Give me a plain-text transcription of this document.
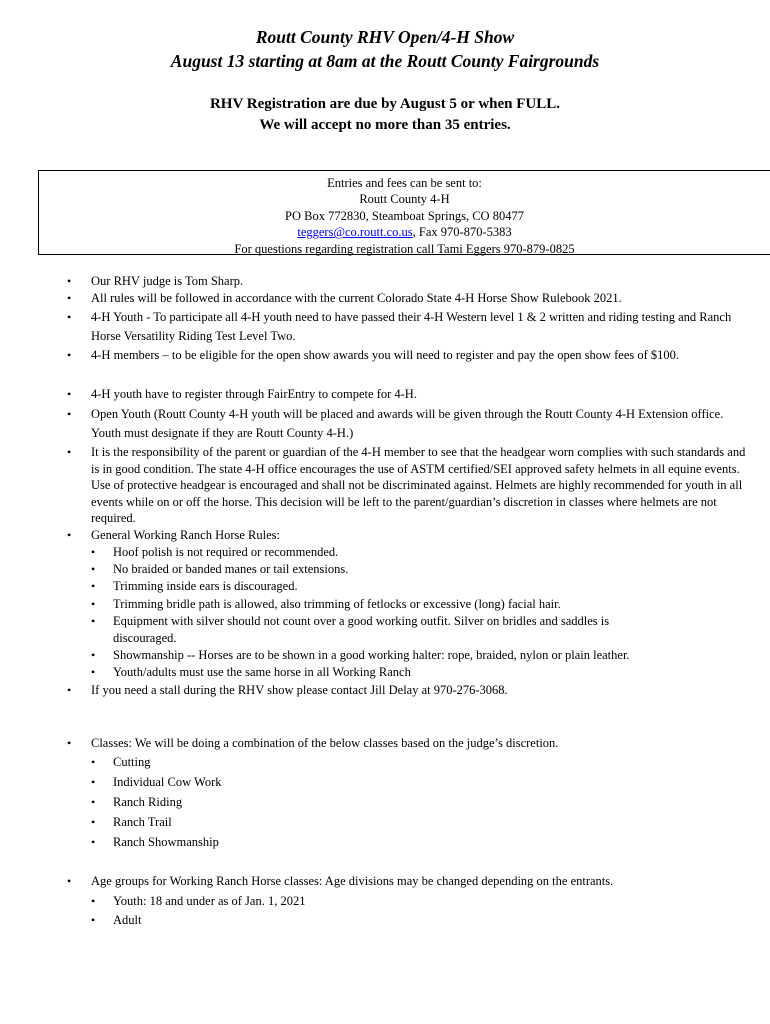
Routt County RHV Open/4-H Show
August 13 starting at 8am at the Routt County Fairgrounds
RHV Registration are due by August 5 or when FULL.
We will accept no more than 35 entries.
Entries and fees can be sent to:
Routt County 4-H
PO Box 772830, Steamboat Springs, CO 80477
teggers@co.routt.co.us, Fax 970-870-5383
For questions regarding registration call Tami Eggers 970-879-0825
• Our RHV judge is Tom Sharp.
• All rules will be followed in accordance with the current Colorado State 4-H Horse Show Rulebook 2021.
• 4-H Youth - To participate all 4-H youth need to have passed their 4-H Western level 1 & 2 written and riding testing and Ranch Horse Versatility Riding Test Level Two.
• 4-H members – to be eligible for the open show awards you will need to register and pay the open show fees of $100.
• 4-H youth have to register through FairEntry to compete for 4-H.
• Open Youth (Routt County 4-H youth will be placed and awards will be given through the Routt County 4-H Extension office. Youth must designate if they are Routt County 4-H.)
• It is the responsibility of the parent or guardian of the 4-H member to see that the headgear worn complies with such standards and is in good condition. The state 4-H office encourages the use of ASTM certified/SEI approved safety helmets in all equine events. Use of protective headgear is encouraged and shall not be discriminated against. Helmets are highly recommended for youth in all events while on or off the horse. This decision will be left to the parent/guardian’s discretion in classes where helmets are not required.
• General Working Ranch Horse Rules:
• Hoof polish is not required or recommended.
• No braided or banded manes or tail extensions.
• Trimming inside ears is discouraged.
• Trimming bridle path is allowed, also trimming of fetlocks or excessive (long) facial hair.
• Equipment with silver should not count over a good working outfit. Silver on bridles and saddles is discouraged.
• Showmanship -- Horses are to be shown in a good working halter: rope, braided, nylon or plain leather.
• Youth/adults must use the same horse in all Working Ranch
• If you need a stall during the RHV show please contact Jill Delay at 970-276-3068.
• Classes: We will be doing a combination of the below classes based on the judge’s discretion.
• Cutting
• Individual Cow Work
• Ranch Riding
• Ranch Trail
• Ranch Showmanship
• Age groups for Working Ranch Horse classes: Age divisions may be changed depending on the entrants.
• Youth: 18 and under as of Jan. 1, 2021
• Adult
